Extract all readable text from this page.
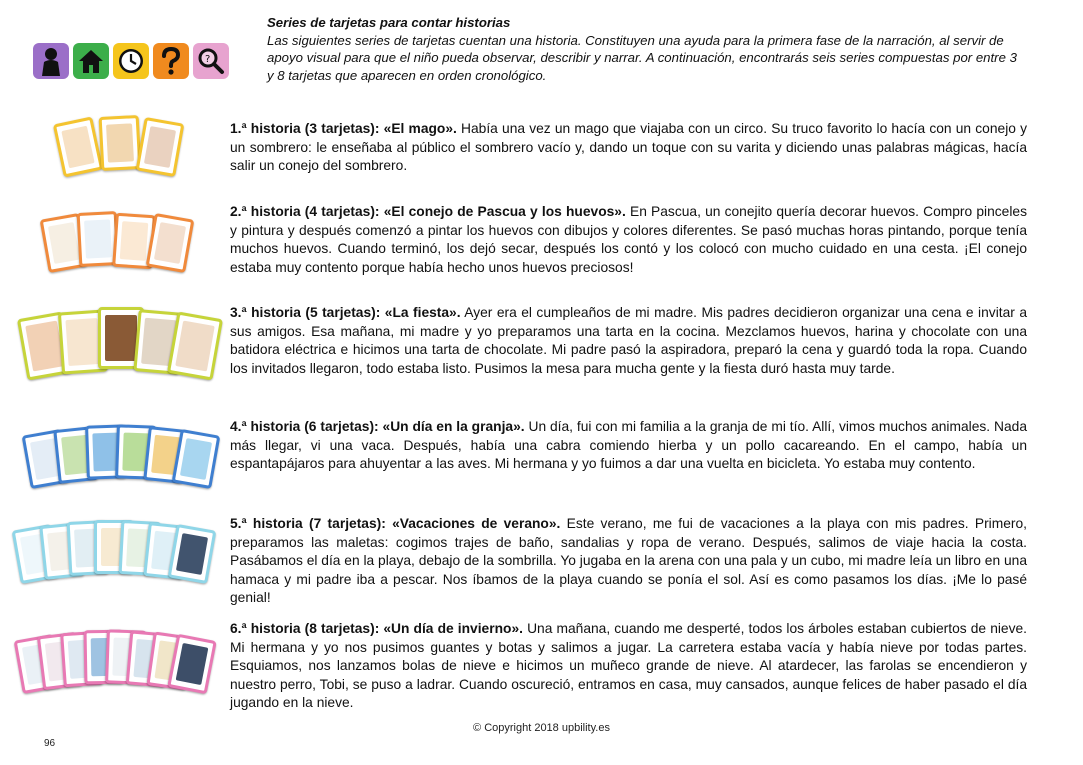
?
Series de tarjetas para contar historias
Las siguientes series de tarjetas cuentan una historia. Constituyen una ayuda para la primera fase de la narración, al servir de apoyo visual para que el niño pueda observar, describir y narrar. A continuación, encontrarás seis series compuestas por entre 3 y 8 tarjetas que aparecen en orden cronológico.
1.ª historia (3 tarjetas): «El mago». Había una vez un mago que viajaba con un circo. Su truco favorito lo hacía con un conejo y un sombrero: le enseñaba al público el sombrero vacío y, dando un toque con su varita y diciendo unas palabras mágicas, hacía salir un conejo del sombrero.
2.ª historia (4 tarjetas): «El conejo de Pascua y los huevos». En Pascua, un conejito quería decorar huevos. Compro pinceles y pintura y después comenzó a pintar los huevos con dibujos y colores diferentes. Se pasó muchas horas pintando, porque tenía muchos huevos. Cuando terminó, los dejó secar, después los contó y los colocó con mucho cuidado en una cesta. ¡El conejo estaba muy contento porque había hecho unos huevos preciosos!
3.ª historia (5 tarjetas): «La fiesta». Ayer era el cumpleaños de mi madre. Mis padres decidieron organizar una cena e invitar a sus amigos. Esa mañana, mi madre y yo preparamos una tarta en la cocina. Mezclamos huevos, harina y chocolate con una batidora eléctrica e hicimos una tarta de chocolate. Mi padre pasó la aspiradora, preparó la cena y guardó toda la ropa. Cuando los invitados llegaron, todo estaba listo. Pusimos la mesa para mucha gente y la fiesta duró hasta muy tarde.
4.ª historia (6 tarjetas): «Un día en la granja». Un día, fui con mi familia a la granja de mi tío. Allí, vimos muchos animales. Nada más llegar, vi una vaca. Después, había una cabra comiendo hierba y un pollo cacareando. En el campo, había un espantapájaros para ahuyentar a las aves. Mi hermana y yo fuimos a dar una vuelta en bicicleta. Yo estaba muy contento.
5.ª historia (7 tarjetas): «Vacaciones de verano». Este verano, me fui de vacaciones a la playa con mis padres. Primero, preparamos las maletas: cogimos trajes de baño, sandalias y ropa de verano. Después, salimos de viaje hacia la costa. Pasábamos el día en la playa, debajo de la sombrilla. Yo jugaba en la arena con una pala y un cubo, mi madre leía un libro en una hamaca y mi padre iba a pescar. Nos íbamos de la playa cuando se ponía el sol. Así es como pasamos los días. ¡Me lo pasé genial!
6.ª historia (8 tarjetas): «Un día de invierno». Una mañana, cuando me desperté, todos los árboles estaban cubiertos de nieve. Mi hermana y yo nos pusimos guantes y botas y salimos a jugar. La carretera estaba vacía y había nieve por todas partes. Esquiamos, nos lanzamos bolas de nieve e hicimos un muñeco grande de nieve. Al atardecer, las farolas se encendieron y nuestro perro, Tobi, se puso a ladrar. Cuando oscureció, entramos en casa, muy cansados, aunque felices de haber pasado el día jugando en la nieve.
© Copyright 2018 upbility.es
96
